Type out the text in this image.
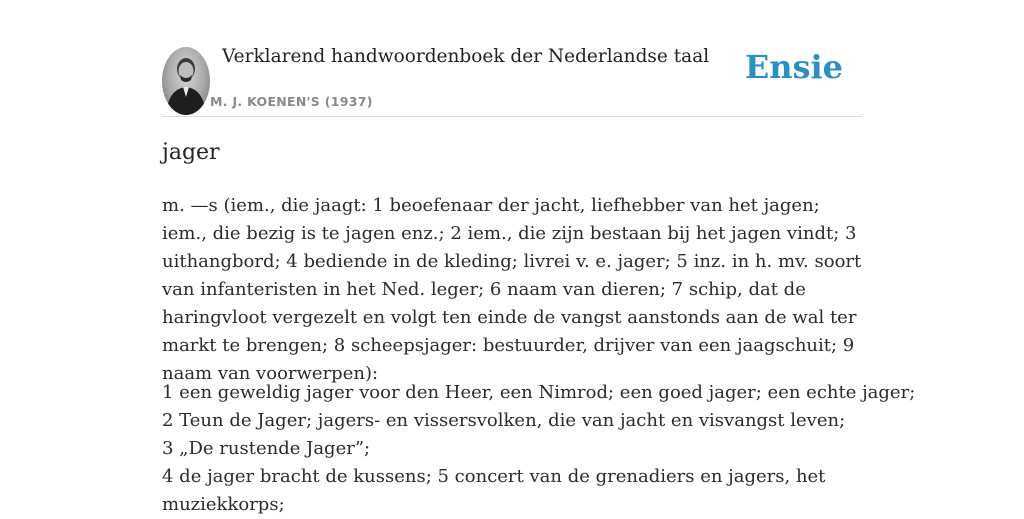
Verklarend handwoordenboek der Nederlandse taal
M. J. KOENEN'S (1937)
Ensie
jager

m. —s (iem., die jaagt: 1 beoefenaar der jacht, liefhebber van het jagen; iem., die bezig is te jagen enz.; 2 iem., die zijn bestaan bij het jagen vindt; 3 uithangbord; 4 bediende in de kleding; livrei v. e. jager; 5 inz. in h. mv. soort van infanteristen in het Ned. leger; 6 naam van dieren; 7 schip, dat de haringvloot vergezelt en volgt ten einde de vangst aanstonds aan de wal ter markt te brengen; 8 scheepsjager: bestuurder, drijver van een jaagschuit; 9 naam van voorwerpen):

1 een geweldig jager voor den Heer, een Nimrod; een goed jager; een echte jager;
2 Teun de Jager; jagers- en vissersvolken, die van jacht en visvangst leven;
3 „De rustende Jager”;
4 de jager bracht de kussens; 5 concert van de grenadiers en jagers, het muziekkorps;
